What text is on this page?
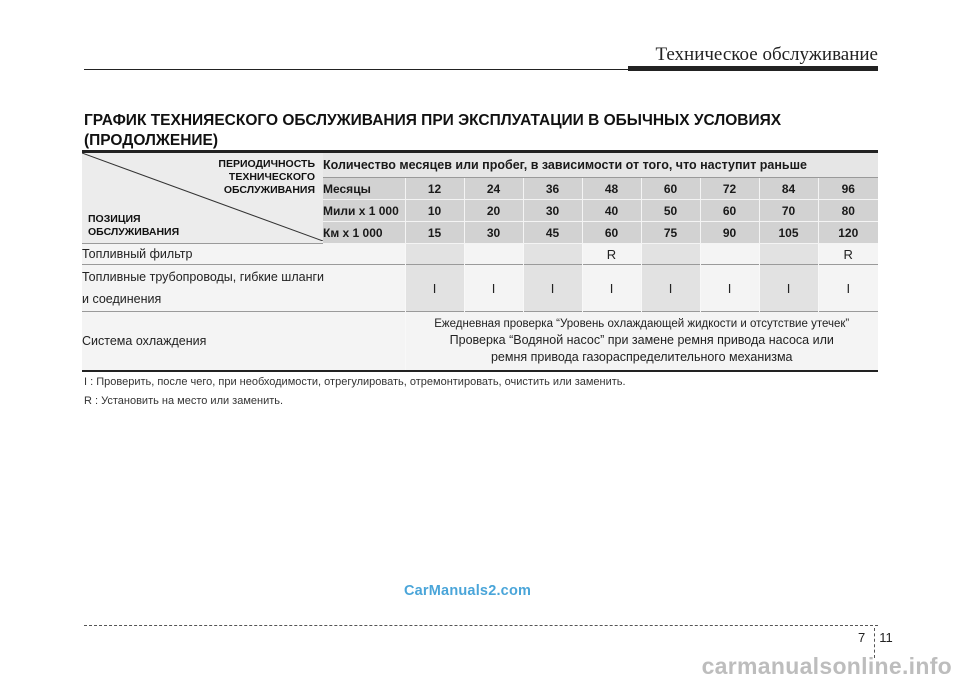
Техническое обслуживание
ГРАФИК ТЕХНИЯЕСКОГО ОБСЛУЖИВАНИЯ ПРИ ЭКСПЛУАТАЦИИ В ОБЫЧНЫХ УСЛОВИЯХ (ПРОДОЛЖЕНИЕ)

ПЕРИОДИЧНОСТЬ
ТЕХНИЧЕСКОГО
ОБСЛУЖИВАНИЯ
ПОЗИЦИЯ
ОБСЛУЖИВАНИЯ	Количество месяцев или пробег, в зависимости от того, что наступит раньше								
	Месяцы	12	24	36	48	60	72	84	96
	Мили x 1 000	10	20	30	40	50	60	70	80
	Км x 1 000	15	30	45	60	75	90	105	120
Топливный фильтр					R				R

Топливные трубопроводы, гибкие шланги
и соединения		I	I	I	I	I	I	I	I
Система охлаждения		Ежедневная проверка “Уровень охлаждающей жидкости и отсутствие утечек”
Проверка “Водяной насос” при замене ремня привода насоса или
ремня привода газораспределительного механизма							

I : Проверить, после чего, при необходимости, отрегулировать, отремонтировать, очистить или заменить.
R : Установить на место или заменить.
CarManuals2.com
7 11
carmanualsonline.info
